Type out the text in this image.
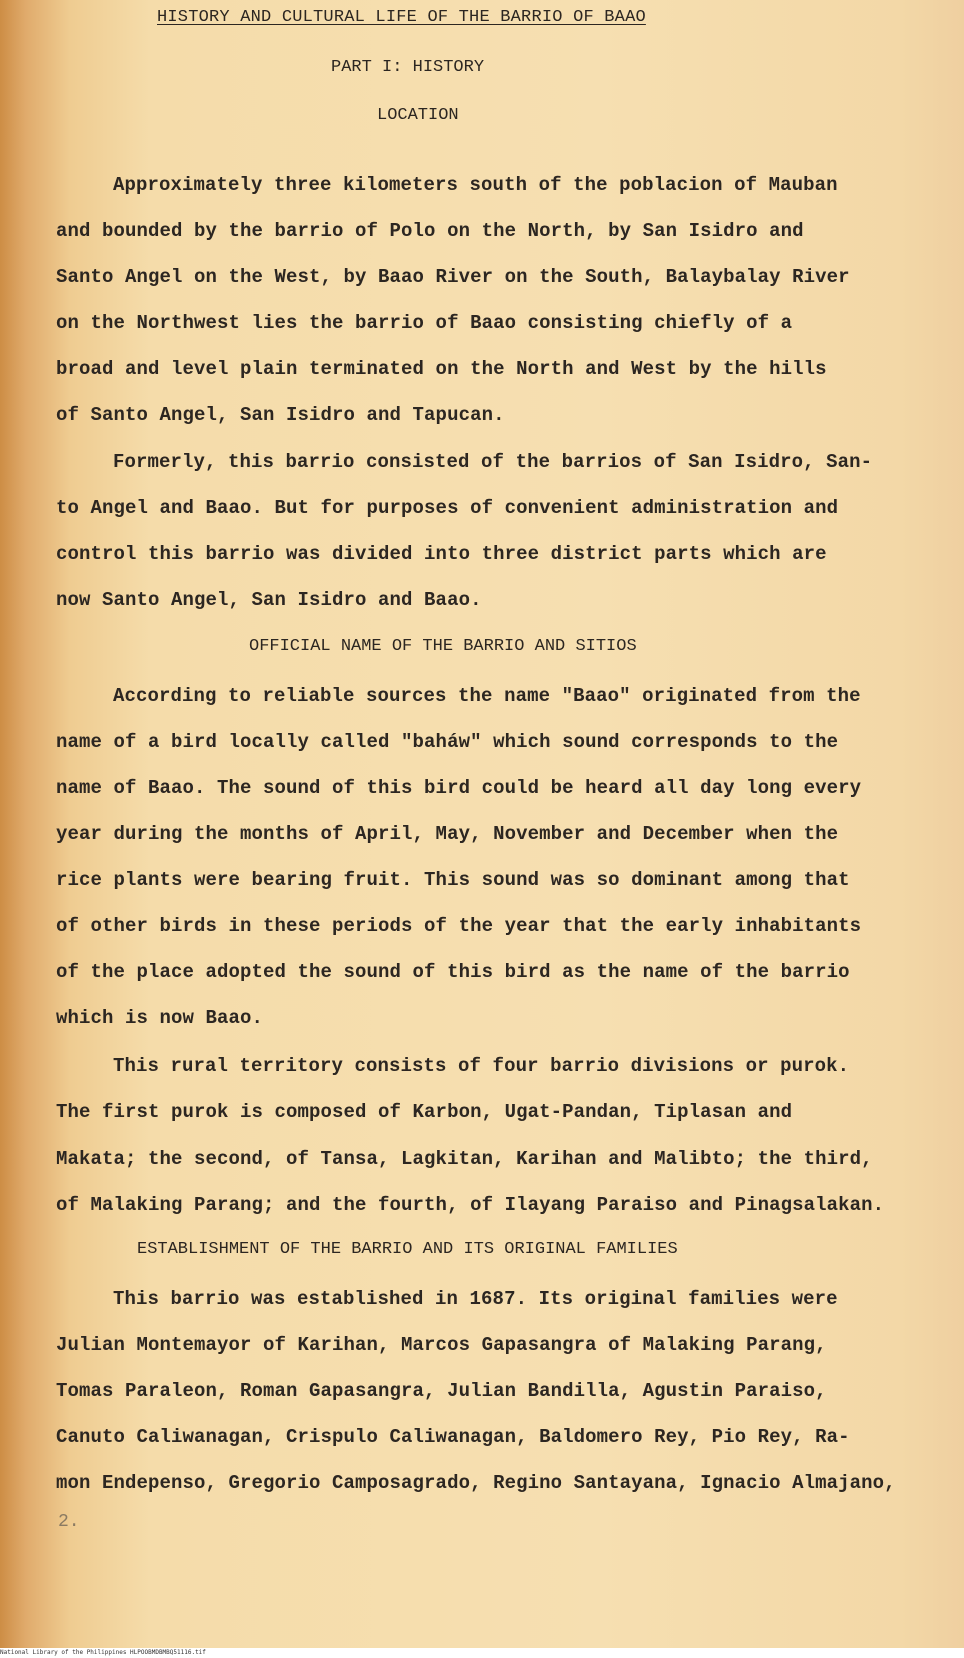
HISTORY AND CULTURAL LIFE OF THE BARRIO OF BAAO
PART I: HISTORY
LOCATION
Approximately three kilometers south of the poblacion of Mauban
and bounded by the barrio of Polo on the North, by San Isidro and
Santo Angel on the West, by Baao River on the South, Balaybalay River
on the Northwest lies the barrio of Baao consisting chiefly of a
broad and level plain terminated on the North and West by the hills
of Santo Angel, San Isidro and Tapucan.
Formerly, this barrio consisted of the barrios of San Isidro, San-
to Angel and Baao. But for purposes of convenient administration and
control this barrio was divided into three district parts which are
now Santo Angel, San Isidro and Baao.
OFFICIAL NAME OF THE BARRIO AND SITIOS
According to reliable sources the name "Baao" originated from the
name of a bird locally called "baháw" which sound corresponds to the
name of Baao. The sound of this bird could be heard all day long every
year during the months of April, May, November and December when the
rice plants were bearing fruit. This sound was so dominant among that
of other birds in these periods of the year that the early inhabitants
of the place adopted the sound of this bird as the name of the barrio
which is now Baao.
This rural territory consists of four barrio divisions or purok.
The first purok is composed of Karbon, Ugat-Pandan, Tiplasan and
Makata; the second, of Tansa, Lagkitan, Karihan and Malibto; the third,
of Malaking Parang; and the fourth, of Ilayang Paraiso and Pinagsalakan.
ESTABLISHMENT OF THE BARRIO AND ITS ORIGINAL FAMILIES
This barrio was established in 1687. Its original families were
Julian Montemayor of Karihan, Marcos Gapasangra of Malaking Parang,
Tomas Paraleon, Roman Gapasangra, Julian Bandilla, Agustin Paraiso,
Canuto Caliwanagan, Crispulo Caliwanagan, Baldomero Rey, Pio Rey, Ra-
mon Endepenso, Gregorio Camposagrado, Regino Santayana, Ignacio Almajano,
2.
National Library of the Philippines HLPOOBMDBMBQ51116.tif
